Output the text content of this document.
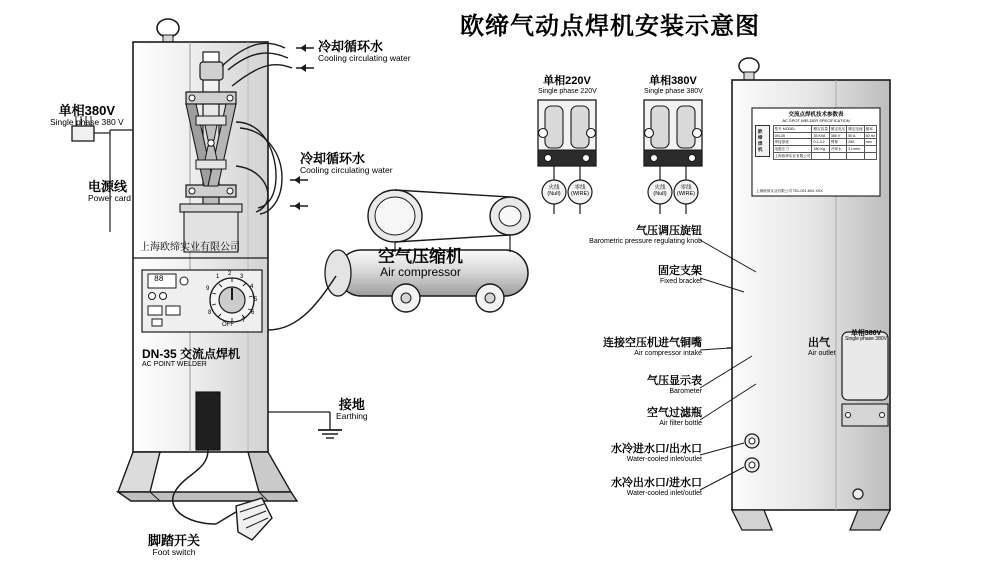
欧缔气动点焊机安装示意图
冷却循环水
Cooling circulating water
冷却循环水
Cooling circulating water
单相380V
Single phase 380 V
电源线
Power card
上海欧缔实业有限公司
DN-35 交流点焊机
AC POINT WELDER
OFF
1 2 3
4
5
6
7
8
9
88
接地
Earthing
脚踏开关
Foot switch
空气压缩机
Air compressor
单相220V
Single phase 220V
单相380V
Single phase 380V
火线
(Null)
零线
(WIRE)
火线
(Null)
零线
(WIRE)
气压调压旋钮
Barometric pressure regulating knob
固定支架
Fixed bracket
连接空压机进气铜嘴
Air compressor intake
气压显示表
Barometer
空气过滤瓶
Air filter bottle
水冷进水口/出水口
Water-cooled inlet/outlet
水冷出水口/进水口
Water-cooled inlet/outlet
出气
Air outlet
单相380V
Single phase 380V
交流点焊机技术参数表
AC SPOT WELDER SPECIFICATION
欧缔焊机
型号 MODEL	额定容量	额定电压	额定电流	频率
DN-35	35 KVA	380 V	50 A	50 Hz
焊接厚度	0.1-3.2	臂伸	250	mm
电极压力	180 Kg	冷却水	3 L/min	
上海欧缔实业有限公司				
上海欧缔实业有限公司 TEL:021-6XX XXX
